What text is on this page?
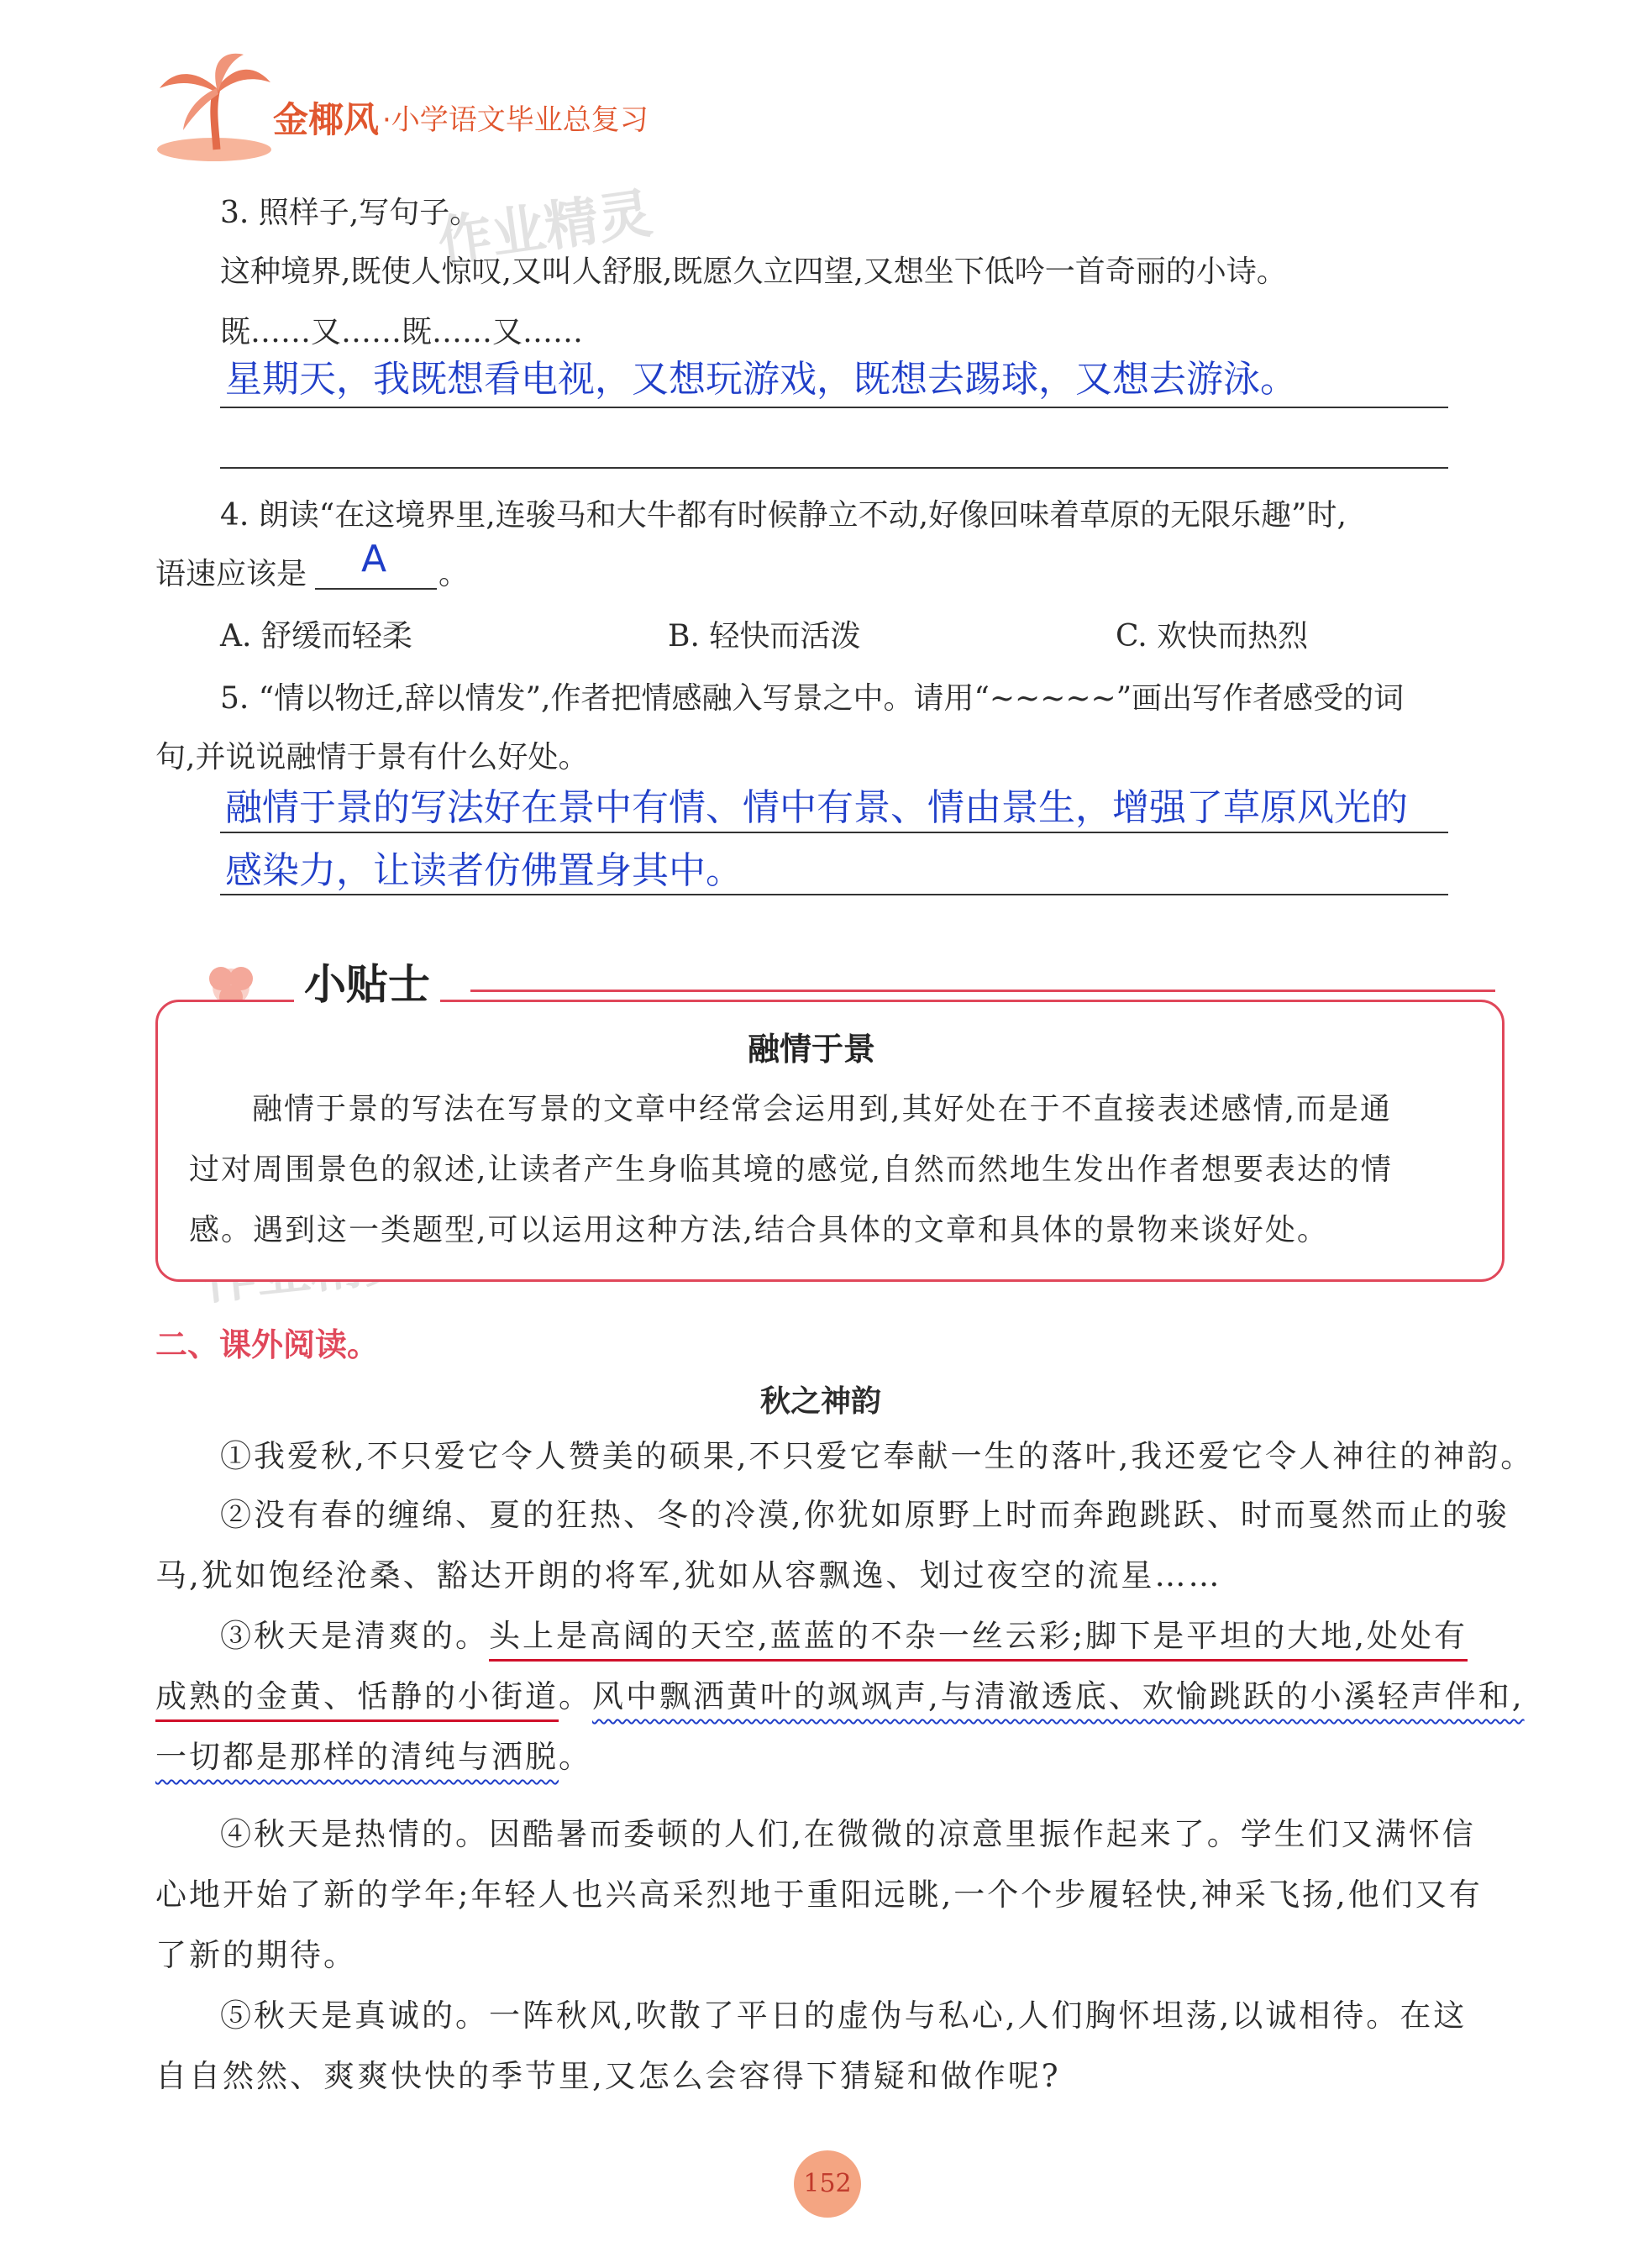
金椰风 ·小学语文毕业总复习
作业精灵
3. 照样子,写句子。
这种境界,既使人惊叹,又叫人舒服,既愿久立四望,又想坐下低吟一首奇丽的小诗。
既……又……既……又……
星期天，我既想看电视，又想玩游戏，既想去踢球，又想去游泳。
4. 朗读“在这境界里,连骏马和大牛都有时候静立不动,好像回味着草原的无限乐趣”时,
语速应该是 A 。
A. 舒缓而轻柔	B. 轻快而活泼	C. 欢快而热烈
5. “情以物迁,辞以情发”,作者把情感融入写景之中。请用“~~~~~”画出写作者感受的词
句,并说说融情于景有什么好处。
融情于景的写法好在景中有情、情中有景、情由景生，增强了草原风光的
感染力，让读者仿佛置身其中。
小贴士
融情于景
融情于景的写法在写景的文章中经常会运用到,其好处在于不直接表述感情,而是通
过对周围景色的叙述,让读者产生身临其境的感觉,自然而然地生发出作者想要表达的情
感。遇到这一类题型,可以运用这种方法,结合具体的文章和具体的景物来谈好处。
二、课外阅读。
秋之神韵
①我爱秋,不只爱它令人赞美的硕果,不只爱它奉献一生的落叶,我还爱它令人神往的神韵。
②没有春的缠绵、夏的狂热、冬的冷漠,你犹如原野上时而奔跑跳跃、时而戛然而止的骏
马,犹如饱经沧桑、豁达开朗的将军,犹如从容飘逸、划过夜空的流星……
③秋天是清爽的。头上是高阔的天空,蓝蓝的不杂一丝云彩;脚下是平坦的大地,处处有
成熟的金黄、恬静的小街道。风中飘洒黄叶的飒飒声,与清澈透底、欢愉跳跃的小溪轻声伴和,
一切都是那样的清纯与洒脱。
④秋天是热情的。因酷暑而委顿的人们,在微微的凉意里振作起来了。学生们又满怀信
心地开始了新的学年;年轻人也兴高采烈地于重阳远眺,一个个步履轻快,神采飞扬,他们又有
了新的期待。
⑤秋天是真诚的。一阵秋风,吹散了平日的虚伪与私心,人们胸怀坦荡,以诚相待。在这
自自然然、爽爽快快的季节里,又怎么会容得下猜疑和做作呢?
152
